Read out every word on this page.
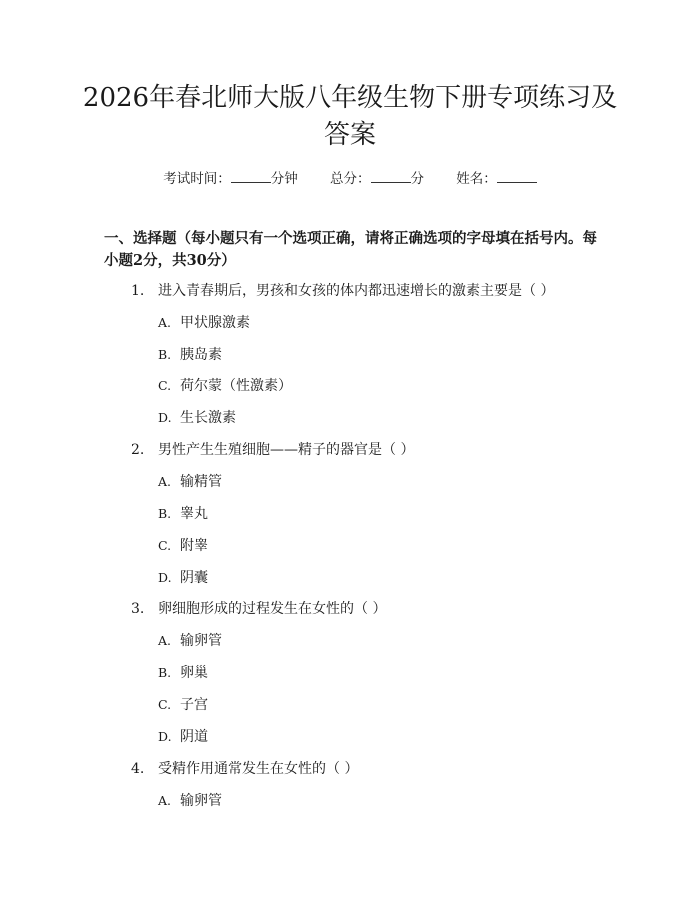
2026年春北师大版八年级生物下册专项练习及答案
考试时间：	分钟 总分：	分 姓名：

一、选择题（每小题只有一个选项正确，请将正确选项的字母填在括号内。每小题2分，共30分）

1. 进入青春期后，男孩和女孩的体内都迅速增长的激素主要是（ ）
A. 甲状腺激素
B. 胰岛素
C. 荷尔蒙（性激素）
D. 生长激素
2. 男性产生生殖细胞——精子的器官是（ ）
A. 输精管
B. 睾丸
C. 附睾
D. 阴囊
3. 卵细胞形成的过程发生在女性的（ ）
A. 输卵管
B. 卵巢
C. 子宫
D. 阴道
4. 受精作用通常发生在女性的（ ）
A. 输卵管
